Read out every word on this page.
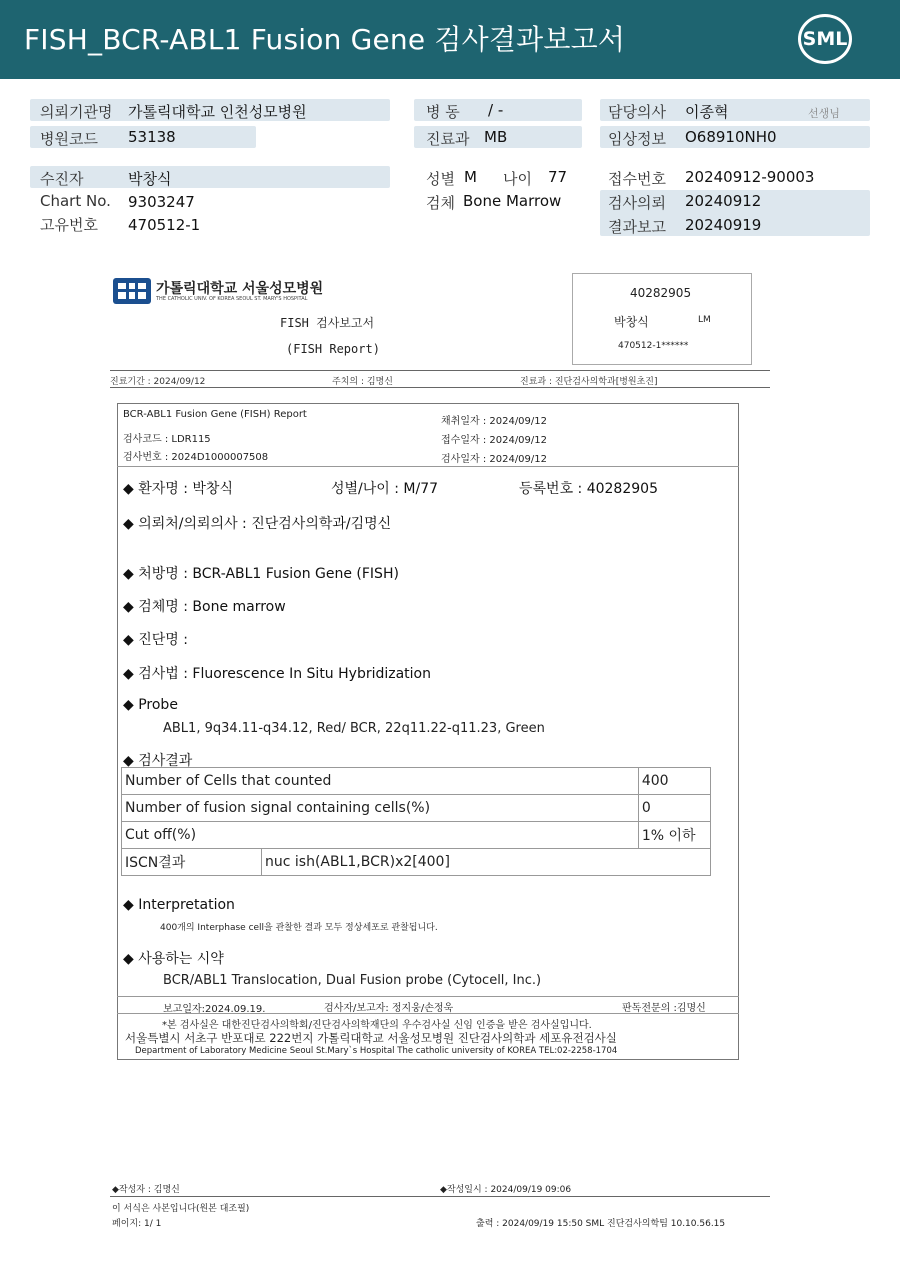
FISH_BCR-ABL1 Fusion Gene 검사결과보고서	SML
의뢰기관명 가톨릭대학교 인천성모병원	병 동 / -	담당의사 이종혁	선생님
병원코드 53138	진료과 MB	임상정보 O68910NH0
수진자	박창식	성별 M 나이 77	접수번호 20240912-90003
Chart No. 9303247	검체 Bone Marrow	검사의뢰 20240912
고유번호 470512-1	결과보고 20240919
가톨릭대학교 서울성모병원
THE CATHOLIC UNIV. OF KOREA SEOUL ST. MARY'S HOSPITAL
FISH 검사보고서
(FISH Report)
40282905
박창식	LM
470512-1******
진료기간 : 2024/09/12	주치의 : 김명신	진료과 : 진단검사의학과[병원초진]
BCR-ABL1 Fusion Gene (FISH) Report
검사코드 : LDR115
검사번호 : 2024D1000007508
채취일자 : 2024/09/12
접수일자 : 2024/09/12
검사일자 : 2024/09/12
◆ 환자명 : 박창식	성별/나이 : M/77	등록번호 : 40282905
◆ 의뢰처/의뢰의사 : 진단검사의학과/김명신
◆ 처방명 : BCR-ABL1 Fusion Gene (FISH)
◆ 검체명 : Bone marrow
◆ 진단명 :
◆ 검사법 : Fluorescence In Situ Hybridization
◆ Probe
ABL1, 9q34.11-q34.12, Red/ BCR, 22q11.22-q11.23, Green
◆ 검사결과
Number of Cells that counted		400
Number of fusion signal containing cells(%)		0
Cut off(%)		1% 이하
ISCN결과	nuc ish(ABL1,BCR)x2[400]	
◆ Interpretation
400개의 Interphase cell을 관찰한 결과 모두 정상세포로 관찰됩니다.
◆ 사용하는 시약
BCR/ABL1 Translocation, Dual Fusion probe (Cytocell, Inc.)
보고일자:2024.09.19.	검사자/보고자: 정지웅/손정욱	판독전문의 :김명신
*본 검사실은 대한진단검사의학회/진단검사의학재단의 우수검사실 신임 인증을 받은 검사실입니다.
서울특별시 서초구 반포대로 222번지 가톨릭대학교 서울성모병원 진단검사의학과 세포유전검사실
Department of Laboratory Medicine Seoul St.Mary`s Hospital The catholic university of KOREA TEL:02-2258-1704
◆작성자 : 김명신	◆작성일시 : 2024/09/19 09:06
이 서식은 사본입니다(원본 대조필)
페이지: 1/ 1	출력 : 2024/09/19 15:50 SML 진단검사의학팀 10.10.56.15
